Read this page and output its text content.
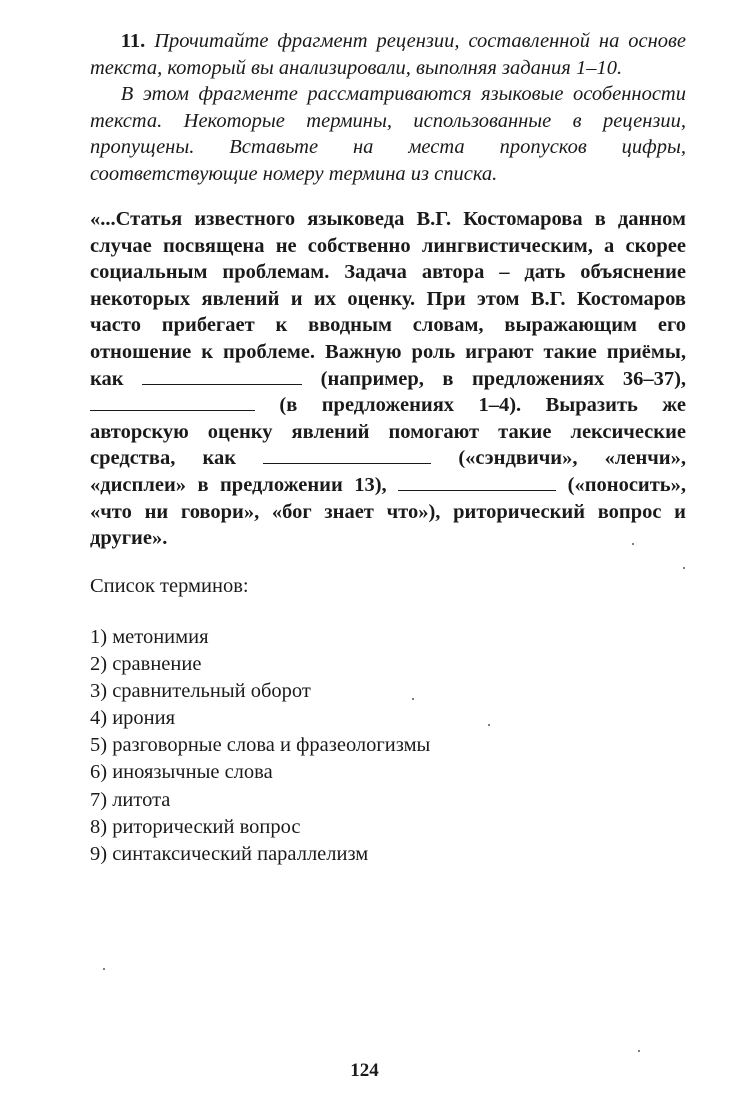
  11. Прочитайте фрагмент рецензии, составленной на основе текста, который вы анализировали, выполняя задания 1–10.

  В этом фрагменте рассматриваются языковые особенности текста. Некоторые термины, использованные в рецензии, пропущены. Вставьте на места пропусков цифры, соответствующие номеру термина из списка.

«...Статья известного языковеда В.Г. Костомарова в данном случае посвящена не собственно лингвистическим, а скорее социальным проблемам. Задача автора – дать объяснение некоторых явлений и их оценку. При этом В.Г. Костомаров часто прибегает к вводным словам, выражающим его отношение к проблеме. Важную роль играют такие приёмы, как	(например, в предложениях 36–37),  (в предложениях 1–4). Выразить же авторскую оценку явлений помогают такие лексические средства, как	(«сэндвичи», «ленчи», «дисплеи» в предложении 13),	(«поносить», «что ни говори», «бог знает что»), риторический вопрос и другие».
Список терминов:
1) метонимия
2) сравнение
3) сравнительный оборот
4) ирония
5) разговорные слова и фразеологизмы
6) иноязычные слова
7) литота
8) риторический вопрос
9) синтаксический параллелизм
124
